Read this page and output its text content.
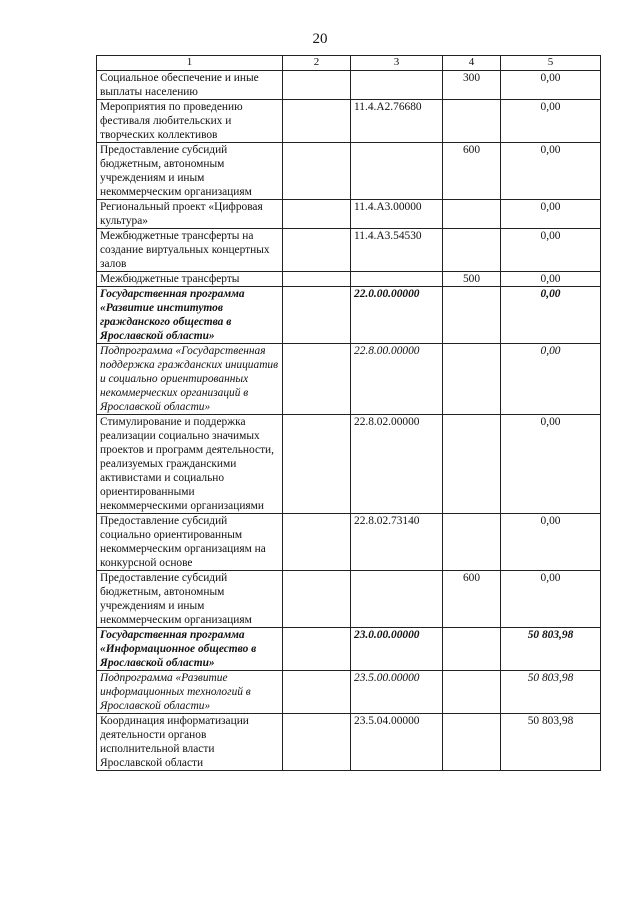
20
1	2	3	4	5
Социальное обеспечение и иные выплаты населению			300	0,00
Мероприятия по проведению фестиваля любительских и творческих коллективов		11.4.A2.76680		0,00
Предоставление субсидий бюджетным, автономным учреждениям и иным некоммерческим организациям			600	0,00
Региональный проект «Цифровая культура»		11.4.A3.00000		0,00
Межбюджетные трансферты на создание виртуальных концертных залов		11.4.A3.54530		0,00
Межбюджетные трансферты			500	0,00
Государственная программа «Развитие институтов гражданского общества в Ярославской области»		22.0.00.00000		0,00
Подпрограмма «Государственная поддержка гражданских инициатив и социально ориентированных некоммерческих организаций в Ярославской области»		22.8.00.00000		0,00
Стимулирование и поддержка реализации социально значимых проектов и программ деятельности, реализуемых гражданскими активистами и социально ориентированными некоммерческими организациями		22.8.02.00000		0,00
Предоставление субсидий социально ориентированным некоммерческим организациям на конкурсной основе		22.8.02.73140		0,00
Предоставление субсидий бюджетным, автономным учреждениям и иным некоммерческим организациям			600	0,00
Государственная программа «Информационное общество в Ярославской области»		23.0.00.00000		50 803,98
Подпрограмма «Развитие информационных технологий в Ярославской области»		23.5.00.00000		50 803,98
Координация информатизации деятельности органов исполнительной власти Ярославской области		23.5.04.00000		50 803,98
